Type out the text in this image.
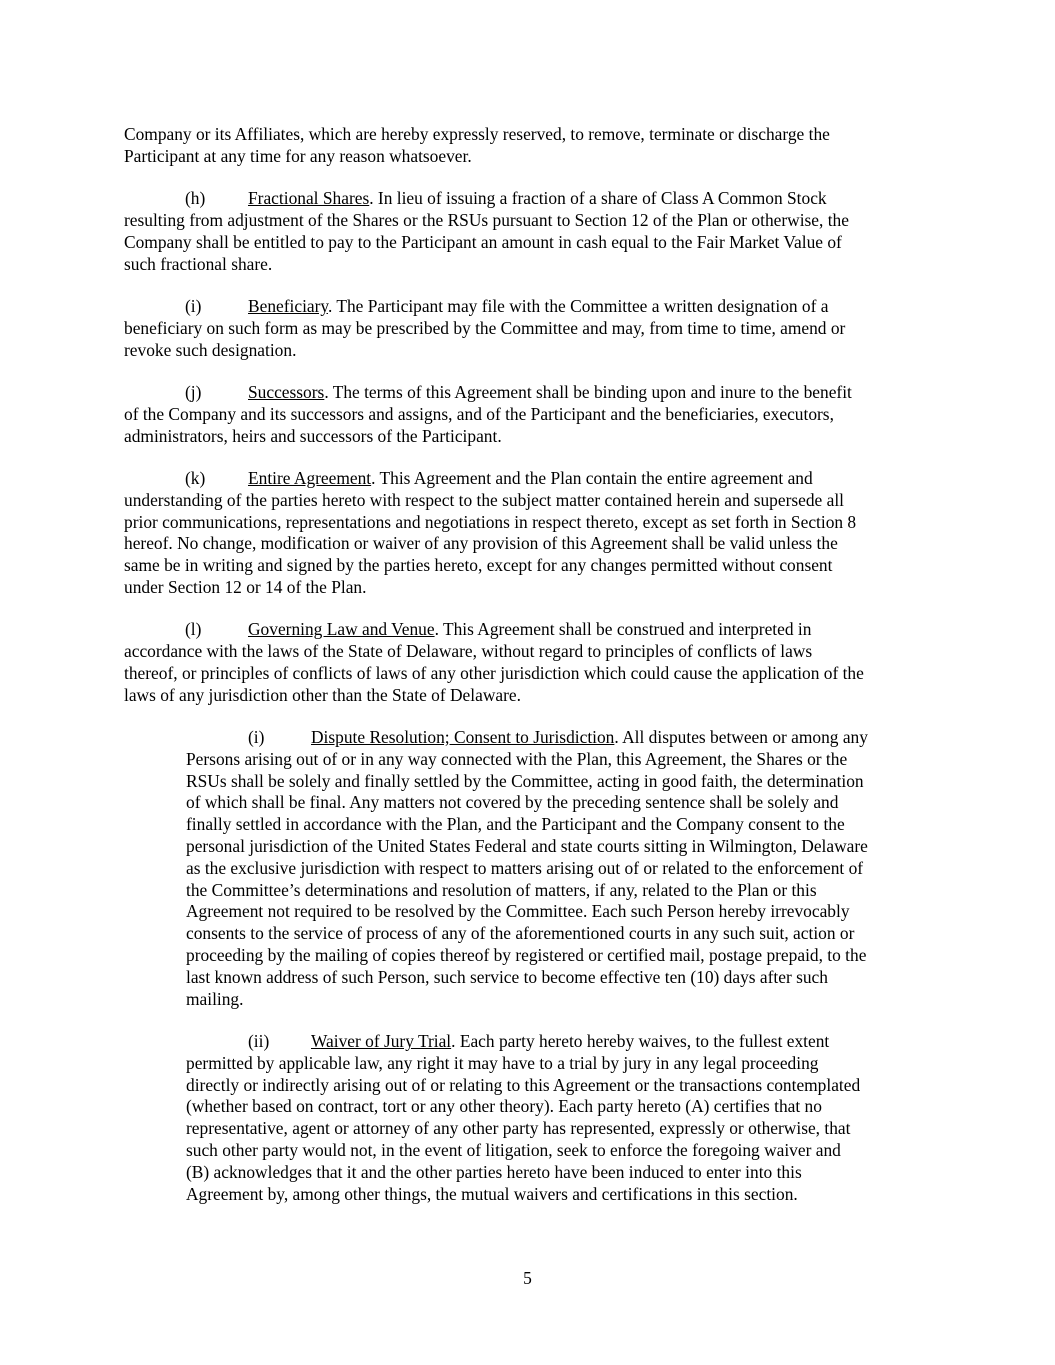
Company or its Affiliates, which are hereby expressly reserved, to remove, terminate or discharge the
Participant at any time for any reason whatsoever.

(h) Fractional Shares. In lieu of issuing a fraction of a share of Class A Common Stock
resulting from adjustment of the Shares or the RSUs pursuant to Section 12 of the Plan or otherwise, the
Company shall be entitled to pay to the Participant an amount in cash equal to the Fair Market Value of
such fractional share.

(i)	Beneficiary. The Participant may file with the Committee a written designation of a
beneficiary on such form as may be prescribed by the Committee and may, from time to time, amend or
revoke such designation.

(j)	Successors. The terms of this Agreement shall be binding upon and inure to the benefit
of the Company and its successors and assigns, and of the Participant and the beneficiaries, executors,
administrators, heirs and successors of the Participant.

(k) Entire Agreement. This Agreement and the Plan contain the entire agreement and
understanding of the parties hereto with respect to the subject matter contained herein and supersede all
prior communications, representations and negotiations in respect thereto, except as set forth in Section 8
hereof. No change, modification or waiver of any provision of this Agreement shall be valid unless the
same be in writing and signed by the parties hereto, except for any changes permitted without consent
under Section 12 or 14 of the Plan.

(l)	Governing Law and Venue. This Agreement shall be construed and interpreted in
accordance with the laws of the State of Delaware, without regard to principles of conflicts of laws
thereof, or principles of conflicts of laws of any other jurisdiction which could cause the application of the
laws of any jurisdiction other than the State of Delaware.

(i)	Dispute Resolution; Consent to Jurisdiction. All disputes between or among any
Persons arising out of or in any way connected with the Plan, this Agreement, the Shares or the
RSUs shall be solely and finally settled by the Committee, acting in good faith, the determination
of which shall be final. Any matters not covered by the preceding sentence shall be solely and
finally settled in accordance with the Plan, and the Participant and the Company consent to the
personal jurisdiction of the United States Federal and state courts sitting in Wilmington, Delaware
as the exclusive jurisdiction with respect to matters arising out of or related to the enforcement of
the Committee’s determinations and resolution of matters, if any, related to the Plan or this
Agreement not required to be resolved by the Committee. Each such Person hereby irrevocably
consents to the service of process of any of the aforementioned courts in any such suit, action or
proceeding by the mailing of copies thereof by registered or certified mail, postage prepaid, to the
last known address of such Person, such service to become effective ten (10) days after such
mailing.

(ii) Waiver of Jury Trial. Each party hereto hereby waives, to the fullest extent
permitted by applicable law, any right it may have to a trial by jury in any legal proceeding
directly or indirectly arising out of or relating to this Agreement or the transactions contemplated
(whether based on contract, tort or any other theory). Each party hereto (A) certifies that no
representative, agent or attorney of any other party has represented, expressly or otherwise, that
such other party would not, in the event of litigation, seek to enforce the foregoing waiver and
(B) acknowledges that it and the other parties hereto have been induced to enter into this
Agreement by, among other things, the mutual waivers and certifications in this section.

5
